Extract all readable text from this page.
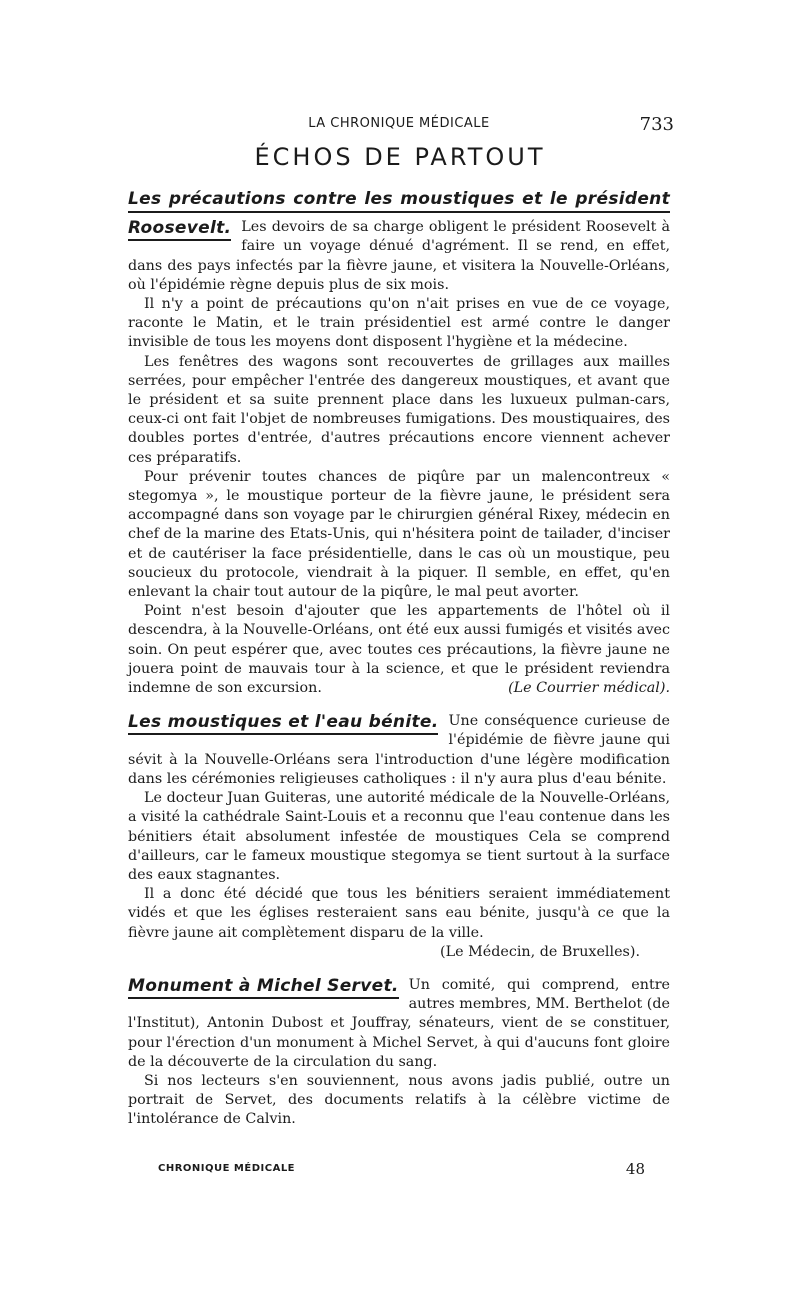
LA CHRONIQUE MÉDICALE	733
ÉCHOS DE PARTOUT
Les précautions contre les moustiques et le président
Roosevelt. Les devoirs de sa charge obligent le président Roosevelt à faire un voyage dénué d'agrément. Il se rend, en effet, dans des pays infectés par la fièvre jaune, et visitera la Nouvelle-Orléans, où l'épidémie règne depuis plus de six mois.

Il n'y a point de précautions qu'on n'ait prises en vue de ce voyage, raconte le Matin, et le train présidentiel est armé contre le danger invisible de tous les moyens dont disposent l'hygiène et la médecine.

Les fenêtres des wagons sont recouvertes de grillages aux mailles serrées, pour empêcher l'entrée des dangereux moustiques, et avant que le président et sa suite prennent place dans les luxueux pulman-cars, ceux-ci ont fait l'objet de nombreuses fumigations. Des moustiquaires, des doubles portes d'entrée, d'autres précautions encore viennent achever ces préparatifs.

Pour prévenir toutes chances de piqûre par un malencontreux « stegomya », le moustique porteur de la fièvre jaune, le président sera accompagné dans son voyage par le chirurgien général Rixey, médecin en chef de la marine des Etats-Unis, qui n'hésitera point de tailader, d'inciser et de cautériser la face présidentielle, dans le cas où un moustique, peu soucieux du protocole, viendrait à la piquer. Il semble, en effet, qu'en enlevant la chair tout autour de la piqûre, le mal peut avorter.

Point n'est besoin d'ajouter que les appartements de l'hôtel où il descendra, à la Nouvelle-Orléans, ont été eux aussi fumigés et visités avec soin. On peut espérer que, avec toutes ces précautions, la fièvre jaune ne jouera point de mauvais tour à la science, et que le président reviendra indemne de son excursion.	(Le Courrier médical).

Les moustiques et l'eau bénite. Une conséquence curieuse de l'épidémie de fièvre jaune qui sévit à la Nouvelle-Orléans sera l'introduction d'une légère modification dans les cérémonies religieuses catholiques : il n'y aura plus d'eau bénite.

Le docteur Juan Guiteras, une autorité médicale de la Nouvelle-Orléans, a visité la cathédrale Saint-Louis et a reconnu que l'eau contenue dans les bénitiers était absolument infestée de moustiques Cela se comprend d'ailleurs, car le fameux moustique stegomya se tient surtout à la surface des eaux stagnantes.

Il a donc été décidé que tous les bénitiers seraient immédiatement vidés et que les églises resteraient sans eau bénite, jusqu'à ce que la fièvre jaune ait complètement disparu de la ville.

(Le Médecin, de Bruxelles).
Monument à Michel Servet. Un comité, qui comprend, entre autres membres, MM. Berthelot (de l'Institut), Antonin Dubost et Jouffray, sénateurs, vient de se constituer, pour l'érection d'un monument à Michel Servet, à qui d'aucuns font gloire de la découverte de la circulation du sang.

Si nos lecteurs s'en souviennent, nous avons jadis publié, outre un portrait de Servet, des documents relatifs à la célèbre victime de l'intolérance de Calvin.

CHRONIQUE MÉDICALE	48
